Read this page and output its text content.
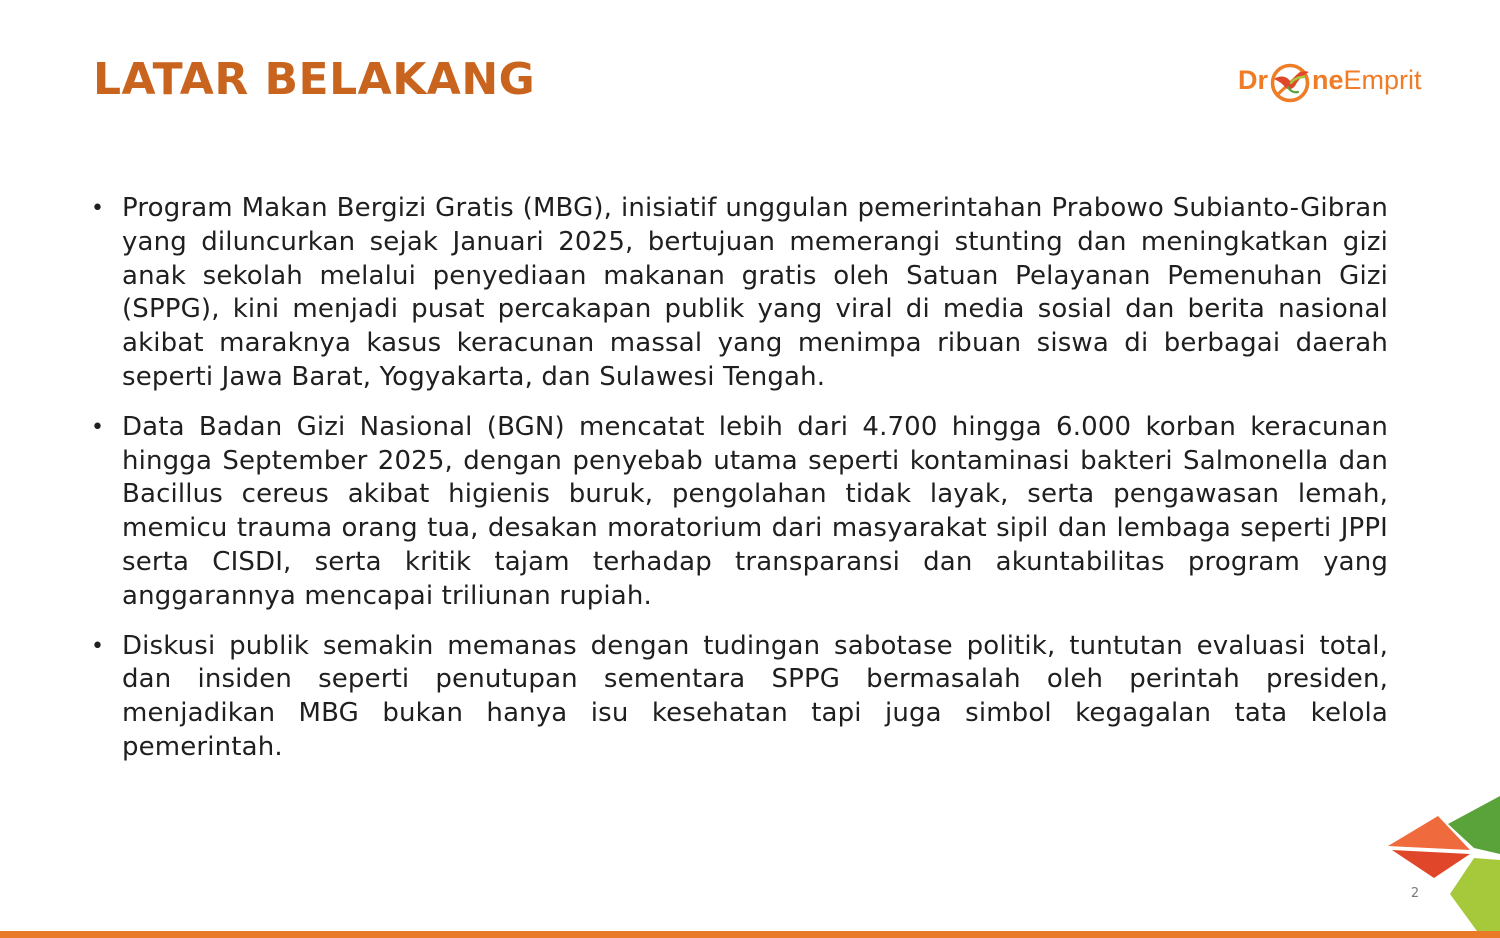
LATAR BELAKANG	Dr neEmprit
• Program Makan Bergizi Gratis (MBG), inisiatif unggulan pemerintahan Prabowo Subianto-Gibran yang diluncurkan sejak Januari 2025, bertujuan memerangi stunting dan meningkatkan gizi anak sekolah melalui penyediaan makanan gratis oleh Satuan Pelayanan Pemenuhan Gizi (SPPG), kini menjadi pusat percakapan publik yang viral di media sosial dan berita nasional akibat maraknya kasus keracunan massal yang menimpa ribuan siswa di berbagai daerah seperti Jawa Barat, Yogyakarta, dan Sulawesi Tengah.
• Data Badan Gizi Nasional (BGN) mencatat lebih dari 4.700 hingga 6.000 korban keracunan hingga September 2025, dengan penyebab utama seperti kontaminasi bakteri Salmonella dan Bacillus cereus akibat higienis buruk, pengolahan tidak layak, serta pengawasan lemah, memicu trauma orang tua, desakan moratorium dari masyarakat sipil dan lembaga seperti JPPI serta CISDI, serta kritik tajam terhadap transparansi dan akuntabilitas program yang anggarannya mencapai triliunan rupiah.
• Diskusi publik semakin memanas dengan tudingan sabotase politik, tuntutan evaluasi total, dan insiden seperti penutupan sementara SPPG bermasalah oleh perintah presiden, menjadikan MBG bukan hanya isu kesehatan tapi juga simbol kegagalan tata kelola pemerintah.
2
